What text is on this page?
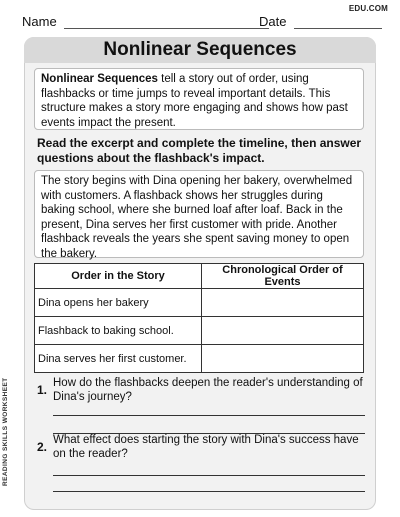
EDU.COM
Name	Date
Nonlinear Sequences
Nonlinear Sequences tell a story out of order, using flashbacks or time jumps to reveal important details. This structure makes a story more engaging and shows how past events impact the present.
Read the excerpt and complete the timeline, then answer questions about the flashback's impact.
The story begins with Dina opening her bakery, overwhelmed with customers. A flashback shows her struggles during baking school, where she burned loaf after loaf. Back in the present, Dina serves her first customer with pride. Another flashback reveals the years she spent saving money to open the bakery.
Order in the Story	Chronological Order of Events
Dina opens her bakery	
Flashback to baking school.	
Dina serves her first customer.	
1. How do the flashbacks deepen the reader's understanding of Dina's journey?
2. What effect does starting the story with Dina's success have on the reader?
READING SKILLS WORKSHEET
